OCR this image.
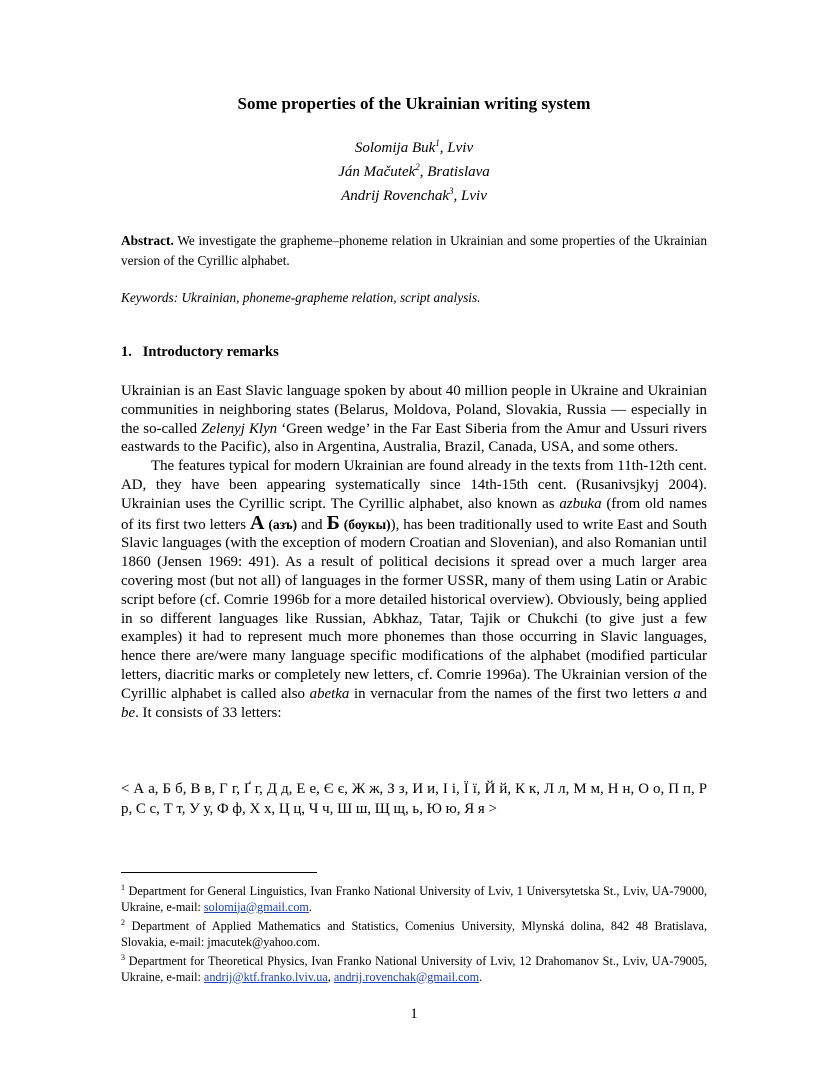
Some properties of the Ukrainian writing system
Solomija Buk$^1$, Lviv
Ján Mačutek$^2$, Bratislava
Andrij Rovenchak$^3$, Lviv
Abstract. We investigate the grapheme–phoneme relation in Ukrainian and some properties of the Ukrainian version of the Cyrillic alphabet.
Keywords: Ukrainian, phoneme-grapheme relation, script analysis.
1. Introductory remarks

Ukrainian is an East Slavic language spoken by about 40 million people in Ukraine and Ukrainian communities in neighboring states (Belarus, Moldova, Poland, Slovakia, Russia — especially in the so-called Zelenyj Klyn ‘Green wedge’ in the Far East Siberia from the Amur and Ussuri rivers eastwards to the Pacific), also in Argentina, Australia, Brazil, Canada, USA, and some others.

The features typical for modern Ukrainian are found already in the texts from 11th-12th cent. AD, they have been appearing systematically since 14th-15th cent. (Rusanivsjkyj 2004). Ukrainian uses the Cyrillic script. The Cyrillic alphabet, also known as azbuka (from old names of its first two letters А (азъ) and Б (боукы)), has been traditionally used to write East and South Slavic languages (with the exception of modern Croatian and Slovenian), and also Romanian until 1860 (Jensen 1969: 491). As a result of political decisions it spread over a much larger area covering most (but not all) of languages in the former USSR, many of them using Latin or Arabic script before (cf. Comrie 1996b for a more detailed historical overview). Obviously, being applied in so different languages like Russian, Abkhaz, Tatar, Tajik or Chukchi (to give just a few examples) it had to represent much more phonemes than those occurring in Slavic languages, hence there are/were many language specific modifications of the alphabet (modified particular letters, diacritic marks or completely new letters, cf. Comrie 1996a). The Ukrainian version of the Cyrillic alphabet is called also abetka in vernacular from the names of the first two letters a and be. It consists of 33 letters:

< А а, Б б, В в, Г г, Ґ г, Д д, Е е, Є є, Ж ж, З з, И и, І і, Ї ї, Й й, К к, Л л, М м, Н н, О о, П п, Р р, С с, Т т, У у, Ф ф, Х х, Ц ц, Ч ч, Ш ш, Щ щ, ь, Ю ю, Я я >

$^1$ Department for General Linguistics, Ivan Franko National University of Lviv, 1 Universytetska St., Lviv, UA-79000, Ukraine, e-mail: solomija@gmail.com.

$^2$ Department of Applied Mathematics and Statistics, Comenius University, Mlynská dolina, 842 48 Bratislava, Slovakia, e-mail: jmacutek@yahoo.com.

$^3$ Department for Theoretical Physics, Ivan Franko National University of Lviv, 12 Drahomanov St., Lviv, UA-79005, Ukraine, e-mail: andrij@ktf.franko.lviv.ua, andrij.rovenchak@gmail.com.

1
